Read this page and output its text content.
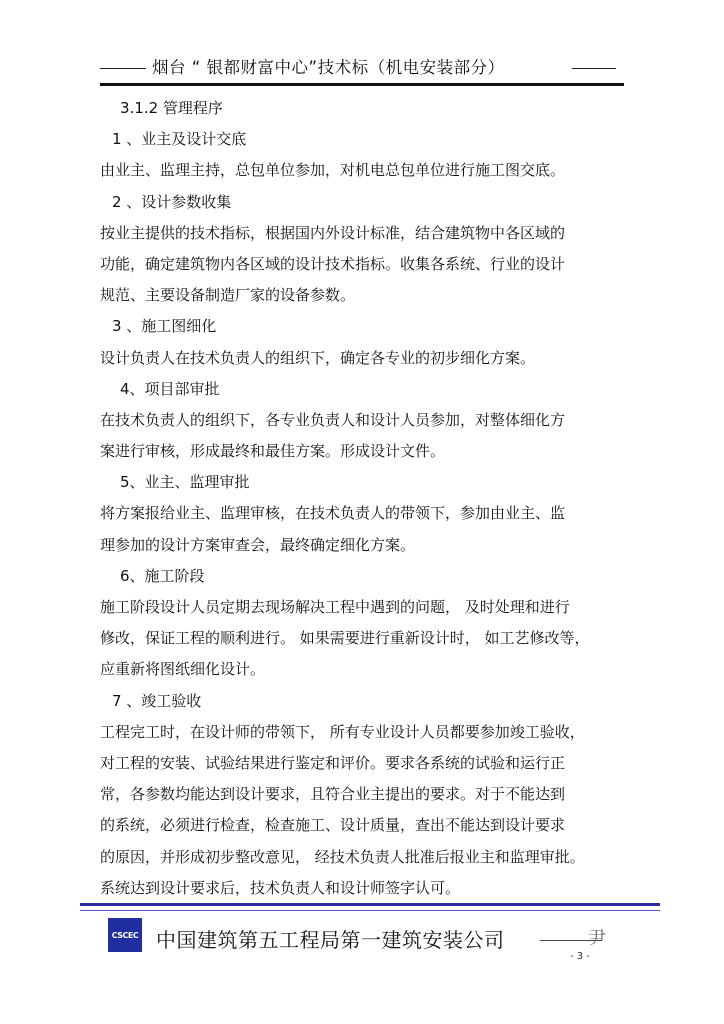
烟台 “ 银都财富中心”技术标（机电安装部分）
3.1.2 管理程序
1 、业主及设计交底
由业主、监理主持，总包单位参加，对机电总包单位进行施工图交底。
2 、设计参数收集
按业主提供的技术指标，根据国内外设计标准，结合建筑物中各区域的
功能，确定建筑物内各区域的设计技术指标。收集各系统、行业的设计
规范、主要设备制造厂家的设备参数。
3 、施工图细化
设计负责人在技术负责人的组织下，确定各专业的初步细化方案。
4、项目部审批
在技术负责人的组织下，各专业负责人和设计人员参加，对整体细化方
案进行审核，形成最终和最佳方案。形成设计文件。
5、业主、监理审批
将方案报给业主、监理审核，在技术负责人的带领下，参加由业主、监
理参加的设计方案审查会，最终确定细化方案。
6、施工阶段
施工阶段设计人员定期去现场解决工程中遇到的问题， 及时处理和进行
修改，保证工程的顺利进行。 如果需要进行重新设计时， 如工艺修改等，
应重新将图纸细化设计。
7 、竣工验收
工程完工时，在设计师的带领下， 所有专业设计人员都要参加竣工验收，
对工程的安装、试验结果进行鉴定和评价。要求各系统的试验和运行正
常，各参数均能达到设计要求，且符合业主提出的要求。对于不能达到
的系统，必须进行检查，检查施工、设计质量，查出不能达到设计要求
的原因，并形成初步整改意见， 经技术负责人批准后报业主和监理审批。
系统达到设计要求后，技术负责人和设计师签字认可。
CSCEC 中国建筑第五工程局第一建筑安装公司	尹
- 3 -
